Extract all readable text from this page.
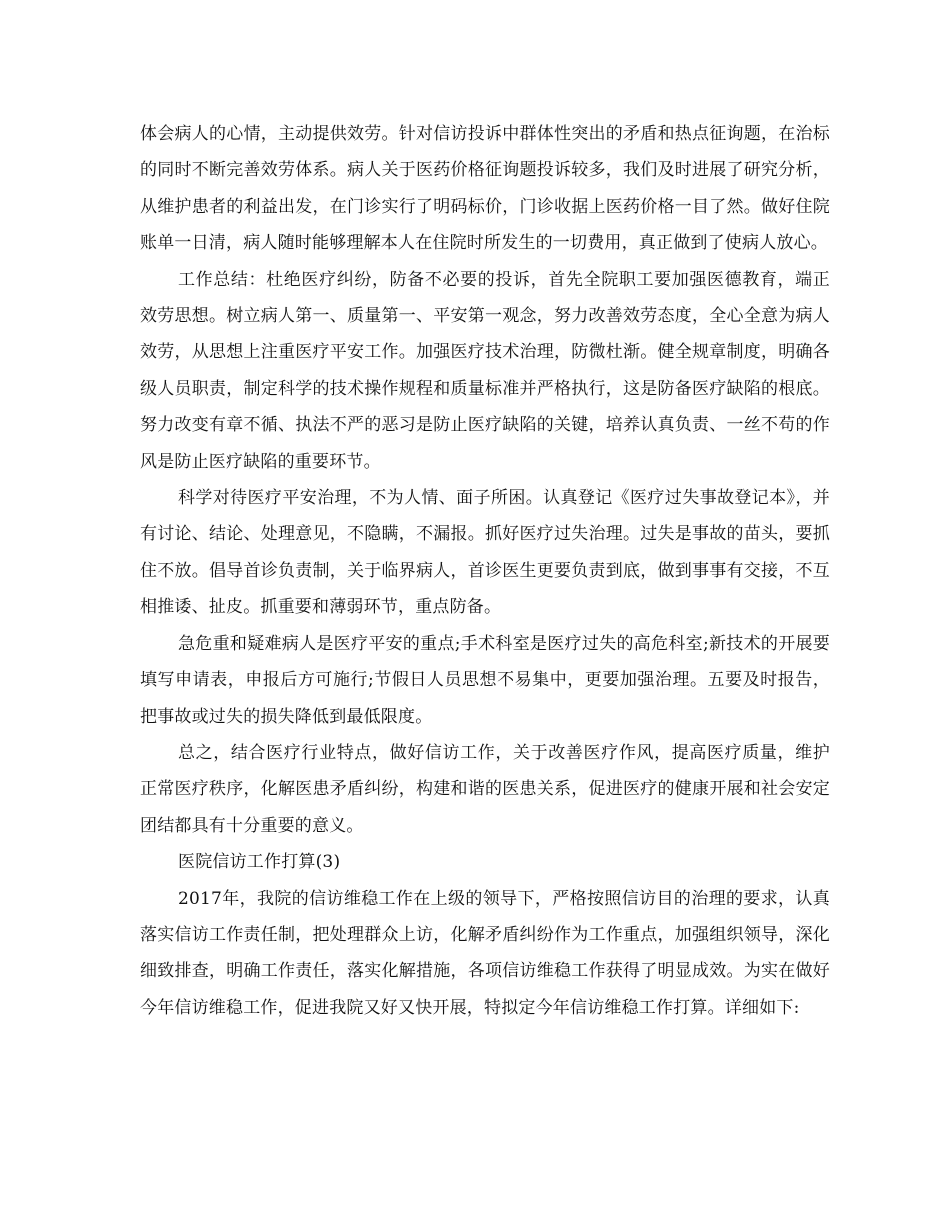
体会病人的心情，主动提供效劳。针对信访投诉中群体性突出的矛盾和热点征询题，在治标的同时不断完善效劳体系。病人关于医药价格征询题投诉较多，我们及时进展了研究分析，从维护患者的利益出发，在门诊实行了明码标价，门诊收据上医药价格一目了然。做好住院账单一日清，病人随时能够理解本人在住院时所发生的一切费用，真正做到了使病人放心。

工作总结：杜绝医疗纠纷，防备不必要的投诉，首先全院职工要加强医德教育，端正效劳思想。树立病人第一、质量第一、平安第一观念，努力改善效劳态度，全心全意为病人效劳，从思想上注重医疗平安工作。加强医疗技术治理，防微杜渐。健全规章制度，明确各级人员职责，制定科学的技术操作规程和质量标准并严格执行，这是防备医疗缺陷的根底。努力改变有章不循、执法不严的恶习是防止医疗缺陷的关键，培养认真负责、一丝不苟的作风是防止医疗缺陷的重要环节。

科学对待医疗平安治理，不为人情、面子所困。认真登记《医疗过失事故登记本》，并有讨论、结论、处理意见，不隐瞒，不漏报。抓好医疗过失治理。过失是事故的苗头，要抓住不放。倡导首诊负责制，关于临界病人，首诊医生更要负责到底，做到事事有交接，不互相推诿、扯皮。抓重要和薄弱环节，重点防备。

急危重和疑难病人是医疗平安的重点;手术科室是医疗过失的高危科室;新技术的开展要填写申请表，申报后方可施行;节假日人员思想不易集中，更要加强治理。五要及时报告，把事故或过失的损失降低到最低限度。

总之，结合医疗行业特点，做好信访工作，关于改善医疗作风，提高医疗质量，维护正常医疗秩序，化解医患矛盾纠纷，构建和谐的医患关系，促进医疗的健康开展和社会安定团结都具有十分重要的意义。

医院信访工作打算(3)

2017年，我院的信访维稳工作在上级的领导下，严格按照信访目的治理的要求，认真落实信访工作责任制，把处理群众上访，化解矛盾纠纷作为工作重点，加强组织领导，深化细致排查，明确工作责任，落实化解措施，各项信访维稳工作获得了明显成效。为实在做好今年信访维稳工作，促进我院又好又快开展，特拟定今年信访维稳工作打算。详细如下:
